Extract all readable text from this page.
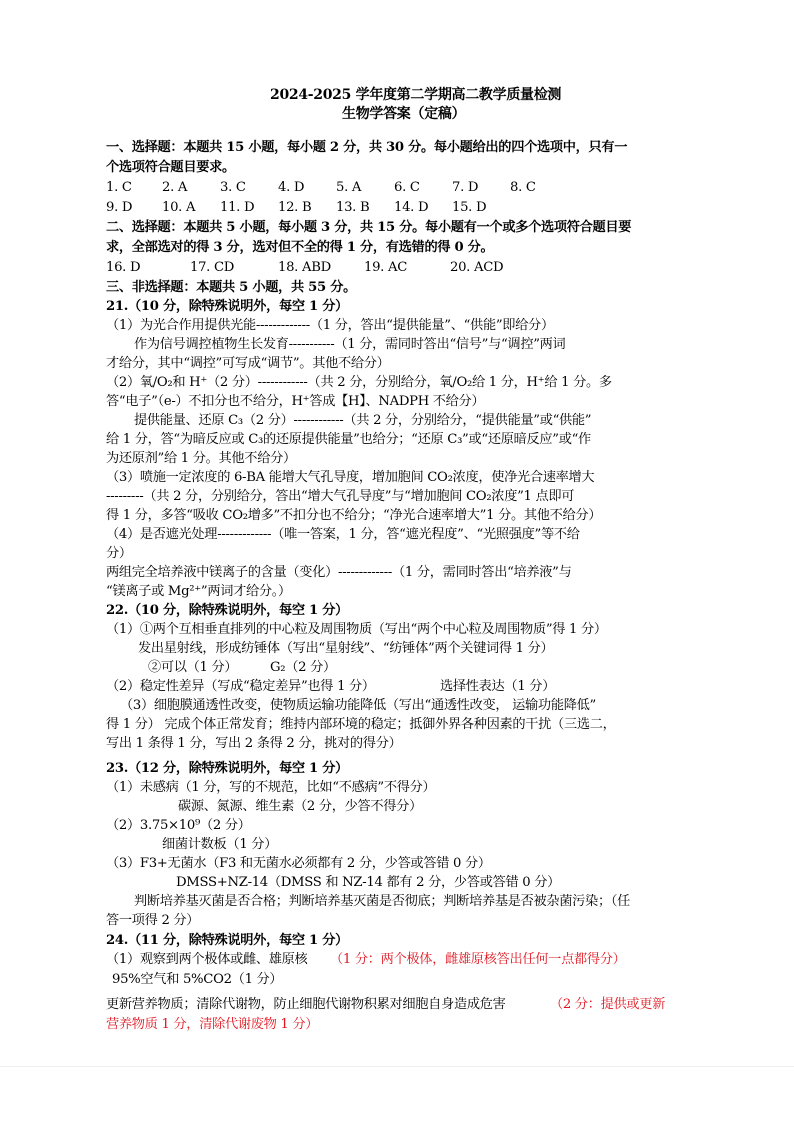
2024-2025 学年度第二学期高二教学质量检测
生物学答案（定稿）
一、选择题：本题共 15 小题，每小题 2 分，共 30 分。每小题给出的四个选项中，只有一
个选项符合题目要求。
1. C 2. A 3. C 4. D 5. A 6. C 7. D 8. C
9. D 10. A 11. D 12. B 13. B 14. D 15. D
二、选择题：本题共 5 小题，每小题 3 分，共 15 分。每小题有一个或多个选项符合题目要
求，全部选对的得 3 分，选对但不全的得 1 分，有选错的得 0 分。
16. D	17. CD	18. ABD	19. AC	20. ACD
三、非选择题：本题共 5 小题，共 55 分。
21.（10 分，除特殊说明外，每空 1 分）
（1）为光合作用提供光能-------------（1 分，答出“提供能量”、“供能”即给分）
作为信号调控植物生长发育-----------（1 分，需同时答出“信号”与“调控”两词
才给分，其中“调控”可写成“调节”。其他不给分）
（2）氧/O₂和 H⁺（2 分）------------（共 2 分，分别给分，氧/O₂给 1 分，H⁺给 1 分。多
答“电子”（e-）不扣分也不给分，H⁺答成【H】、NADPH 不给分）
提供能量、还原 C₃（2 分）------------（共 2 分，分别给分，“提供能量”或“供能”
给 1 分，答“为暗反应或 C₃的还原提供能量”也给分；“还原 C₃”或“还原暗反应”或“作
为还原剂”给 1 分。其他不给分）
（3）喷施一定浓度的 6-BA 能增大气孔导度，增加胞间 CO₂浓度，使净光合速率增大
---------（共 2 分，分别给分，答出“增大气孔导度”与“增加胞间 CO₂浓度”1 点即可
得 1 分，多答“吸收 CO₂增多”不扣分也不给分；“净光合速率增大”1 分。其他不给分）
（4）是否遮光处理-------------（唯一答案，1 分，答“遮光程度”、“光照强度”等不给
分）
两组完全培养液中镁离子的含量（变化）-------------（1 分，需同时答出“培养液”与
“镁离子或 Mg²⁺”两词才给分。）
22.（10 分，除特殊说明外，每空 1 分）
（1）①两个互相垂直排列的中心粒及周围物质（写出“两个中心粒及周围物质”得 1 分）
发出星射线，形成纺锤体（写出“星射线”、“纺锤体”两个关键词得 1 分）
②可以（1 分） G₂（2 分）
（2）稳定性差异（写成“稳定差异”也得 1 分）	选择性表达（1 分）
（3）细胞膜通透性改变，使物质运输功能降低（写出“通透性改变， 运输功能降低”
得 1 分） 完成个体正常发育；维持内部环境的稳定；抵御外界各种因素的干扰（三选二，
写出 1 条得 1 分，写出 2 条得 2 分，挑对的得分）
23.（12 分，除特殊说明外，每空 1 分）
（1）未感病（1 分，写的不规范，比如“不感病”不得分）
碳源、氮源、维生素（2 分，少答不得分）
（2）3.75×10⁹（2 分）
细菌计数板（1 分）
（3）F3+无菌水（F3 和无菌水必须都有 2 分，少答或答错 0 分）
DMSS+NZ-14（DMSS 和 NZ-14 都有 2 分，少答或答错 0 分）
判断培养基灭菌是否合格；判断培养基灭菌是否彻底；判断培养基是否被杂菌污染；（任
答一项得 2 分）
24.（11 分，除特殊说明外，每空 1 分）
（1）观察到两个极体或雌、雄原核 （1 分：两个极体，雌雄原核答出任何一点都得分）
95%空气和 5%CO2（1 分）
更新营养物质；清除代谢物，防止细胞代谢物积累对细胞自身造成危害	（2 分：提供或更新
营养物质 1 分，清除代谢废物 1 分）
